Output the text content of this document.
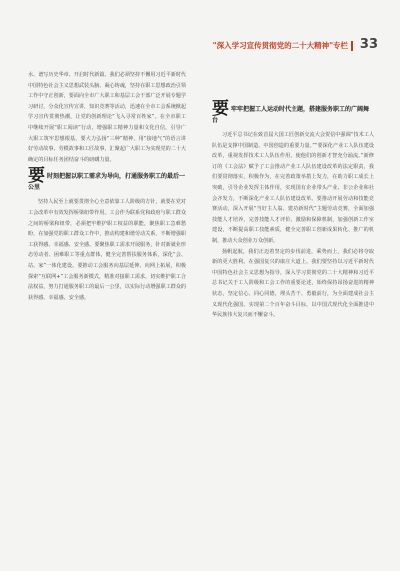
"深入学习宣传贯彻党的二十大精神"专栏 33

水、谱写历史华章、开启时代新篇。我们必须坚持不懈用习近平新时代中国特色社会主义思想武装头脑、凝心铸魂，坚持在职工思想政治引领工作中守正创新，要面向全市广大职工和基层工会干部广泛开展专题学习研讨，分众化宣传宣讲，知识竞赛等活动，迅速在全市工会系统掀起学习宣传贯彻热潮，让党的创新理论“飞入寻常百姓家”。在全市职工中继续开展“职工阅读”行动，增强职工精神力量和文化自信，引导广大职工筑牢思想根基，要大力弘扬“三种”精神，用“接地气”的语言讲好劳动故事、劳模故事和工匠故事，汇聚起广大职工为实现党的二十大确定的目标任务团结奋斗的磅礴力量。

要时刻把握以职工需求为导向，打通服务职工的最后一公里

坚持人民至上就要贯彻全心全意依靠工人阶级的方针，就要在党对工会改革中有效发挥桥梁纽带作用。工会作为联系党和政府与职工群众之间的桥梁和纽带，必须把牢维护职工权益的职能，聚焦职工急难愁盼，在加强党的职工群众工作中，推动构建和谐劳动关系，不断增强职工获得感、幸福感、安全感。要聚焦职工需求开展服务，针对新就业形态劳动者、困难职工等重点群体，健全完善帮扶服务体系，深化“会、站、家”一体化建设。要推动工会服务向基层延伸、向网上拓展，积极探索“互联网+”工会服务新模式，精准对接职工需求，切实维护职工合法权益，努力打通服务职工的最后一公里，以实际行动增强职工群众的获得感、幸福感、安全感。

要牢牢把握工人运动时代主题，搭建服务职工的广阔舞台

习近平总书记在致首届大国工匠创新交流大会贺信中强调“技术工人队伍是支撑中国制造、中国创造的重要力量。”“要深化产业工人队伍建设改革，重视发挥技术工人队伍作用，使他们的创新才智充分涌流。”新修订的《工会法》赋予了工会推动产业工人队伍建设改革的法定职责，我们要贯彻落实，积极作为，在完善政策举措上发力，在助力职工成长上突破，引导企业发挥主体作用，实现国有企业带头产业、非公企业和社会齐发力，不断深化产业工人队伍建设改革。要推动开展劳动和技能竞赛活动，深入开展“当好主人翁、建功新时代”主题劳动竞赛，全面加强技能人才培养，完善技能人才评价、激励和保障机制，加强创新工作室建设，不断提高职工技能素质，健全完善职工创新成果转化、推广的机制，推动大众创业万众创新。

扬帆起航，我们正迈着坚定的步伐前进，乘势而上，我们必将夺取新的更大胜利。在强国复兴的康庄大道上，我们要坚持以习近平新时代中国特色社会主义思想为指导，深入学习贯彻党的二十大精神和习近平总书记关于工人阶级和工会工作的重要论述，始终保持昂扬奋进的精神状态，坚定信心、同心同德，埋头苦干、勇毅前行，为全面建成社会主义现代化强国、实现第二个百年奋斗目标，以中国式现代化全面推进中华民族伟大复兴而不懈奋斗。
